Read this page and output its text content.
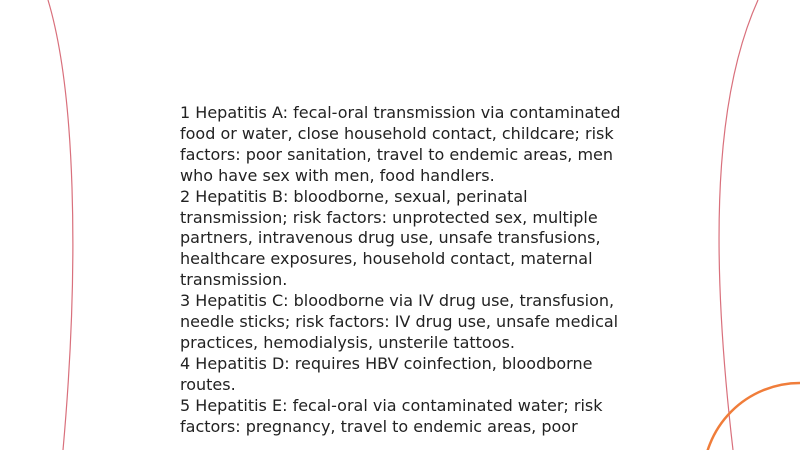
1 Hepatitis A: fecal-oral transmission via contaminated food or water, close household contact, childcare; risk factors: poor sanitation, travel to endemic areas, men who have sex with men, food handlers.

2 Hepatitis B: bloodborne, sexual, perinatal transmission; risk factors: unprotected sex, multiple partners, intravenous drug use, unsafe transfusions, healthcare exposures, household contact, maternal transmission.

3 Hepatitis C: bloodborne via IV drug use, transfusion, needle sticks; risk factors: IV drug use, unsafe medical practices, hemodialysis, unsterile tattoos.

4 Hepatitis D: requires HBV coinfection, bloodborne routes.

5 Hepatitis E: fecal-oral via contaminated water; risk factors: pregnancy, travel to endemic areas, poor
